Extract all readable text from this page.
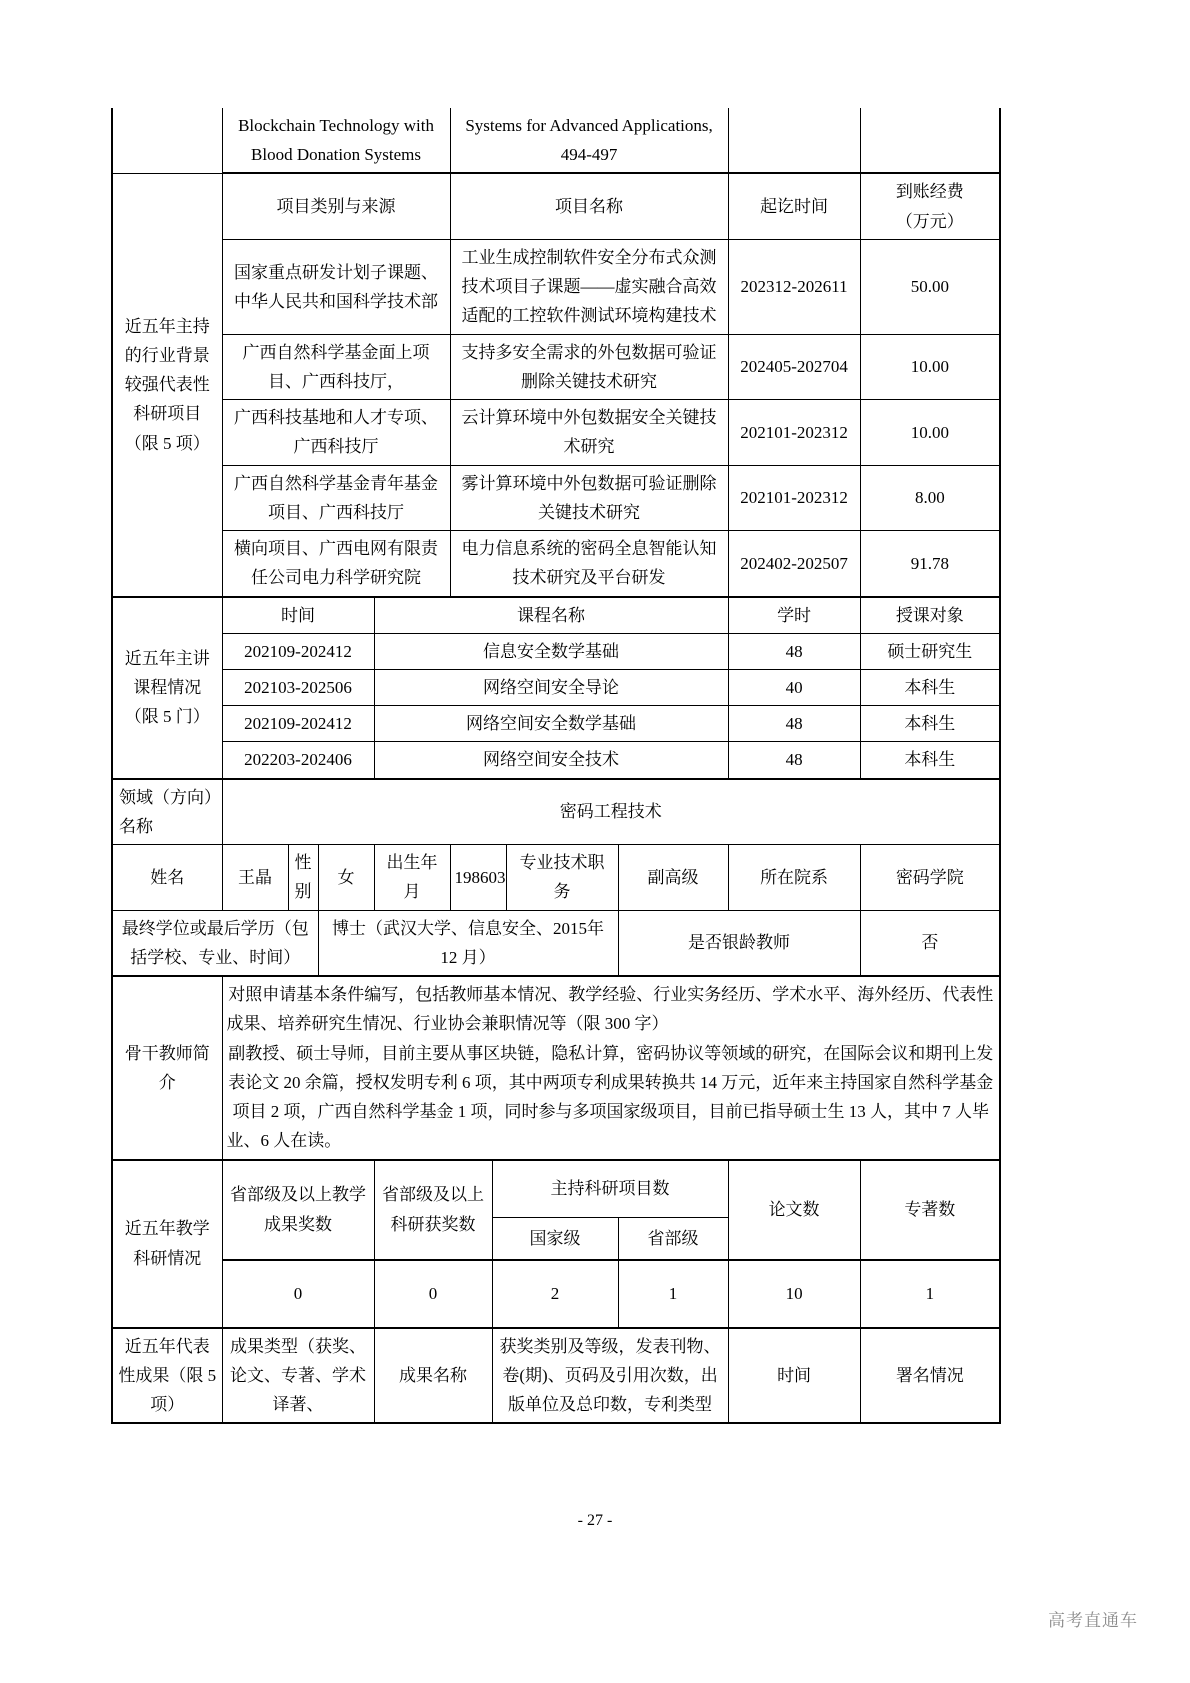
	Blockchain Technology with Blood Donation Systems				Systems for Advanced Applications, 494-497					
近五年主持的行业背景较强代表性科研项目（限 5 项）	项目类别与来源				项目名称				起讫时间	到账经费
（万元）

	国家重点研发计划子课题、中华人民共和国科学技术部				工业生成控制软件安全分布式众测技术项目子课题——虚实融合高效适配的工控软件测试环境构建技术				202312-202611	50.00
	广西自然科学基金面上项目、广西科技厅，				支持多安全需求的外包数据可验证删除关键技术研究				202405-202704	10.00
	广西科技基地和人才专项、广西科技厅				云计算环境中外包数据安全关键技术研究				202101-202312	10.00
	广西自然科学基金青年基金项目、广西科技厅				雾计算环境中外包数据可验证删除关键技术研究				202101-202312	8.00
	横向项目、广西电网有限责任公司电力科学研究院				电力信息系统的密码全息智能认知技术研究及平台研发				202402-202507	91.78
近五年主讲课程情况（限 5 门）	时间			课程名称					学时	授课对象
	202109-202412			信息安全数学基础					48	硕士研究生
	202103-202506			网络空间安全导论					40	本科生
	202109-202412			网络空间安全数学基础					48	本科生
	202203-202406			网络空间安全技术					48	本科生
领域（方向）名称	密码工程技术									
姓名	王晶	性别	女	出生年月	198603		专业技术职　务	副高级	所在院系	密码学院
最终学位或最后学历（包括学校、专业、时间）			博士（武汉大学、信息安全、2015年 12 月）					是否银龄教师		否
骨干教师简介	对照申请基本条件编写，包括教师基本情况、教学经验、行业实务经历、学术水平、海外经历、代表性成果、培养研究生情况、行业协会兼职情况等（限 300 字）

副教授、硕士导师，目前主要从事区块链，隐私计算，密码协议等领域的研究，在国际会议和期刊上发表论文 20 余篇，授权发明专利 6 项，其中两项专利成果转换共 14 万元，近年来主持国家自然科学基金项目 2 项，广西自然科学基金 1 项，同时参与多项国家级项目，目前已指导硕士生 13 人，其中 7 人毕业、6 人在读。									

近五年教学科研情况	省部级及以上教学成果奖数			省部级及以上科研获奖数		主持科研项目数			论文数	专著数
						国家级		省部级		
	0			0		2		1	10	1
近五年代表性成果（限 5 项）	成果类型（获奖、论文、专著、学术译著、			成果名称		获奖类别及等级，发表刊物、卷(期)、页码及引用次数，出版单位及总印数，专利类型			时间	署名情况
- 27 -
高考直通车
